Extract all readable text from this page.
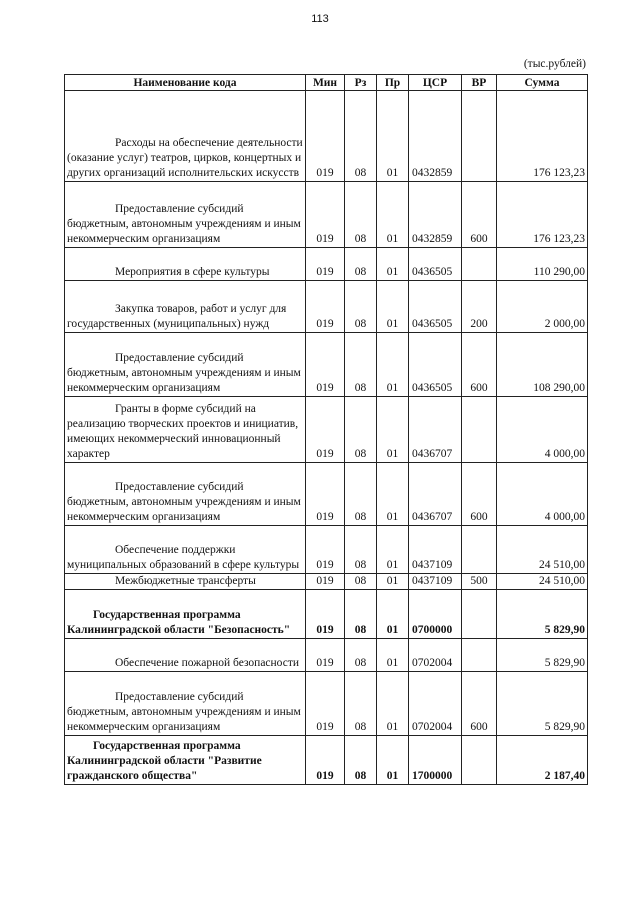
113
(тыс.рублей)
Наименование кода	Мин	Рз	Пр	ЦСР	ВР	Сумма
Расходы на обеспечение деятельности (оказание услуг) театров, цирков, концертных и других организаций исполнительских искусств	019	08	01	0432859		176 123,23
Предоставление субсидий бюджетным, автономным учреждениям и иным некоммерческим организациям	019	08	01	0432859	600	176 123,23
Мероприятия в сфере культуры	019	08	01	0436505		110 290,00
Закупка товаров, работ и услуг для государственных (муниципальных) нужд	019	08	01	0436505	200	2 000,00
Предоставление субсидий бюджетным, автономным учреждениям и иным некоммерческим организациям	019	08	01	0436505	600	108 290,00
Гранты в форме субсидий на реализацию творческих проектов и инициатив, имеющих некоммерческий инновационный характер	019	08	01	0436707		4 000,00
Предоставление субсидий бюджетным, автономным учреждениям и иным некоммерческим организациям	019	08	01	0436707	600	4 000,00
Обеспечение поддержки муниципальных образований в сфере культуры	019	08	01	0437109		24 510,00
Межбюджетные трансферты	019	08	01	0437109	500	24 510,00
Государственная программа Калининградской области "Безопасность"	019	08	01	0700000		5 829,90
Обеспечение пожарной безопасности	019	08	01	0702004		5 829,90
Предоставление субсидий бюджетным, автономным учреждениям и иным некоммерческим организациям	019	08	01	0702004	600	5 829,90
Государственная программа Калининградской области "Развитие гражданского общества"	019	08	01	1700000		2 187,40
